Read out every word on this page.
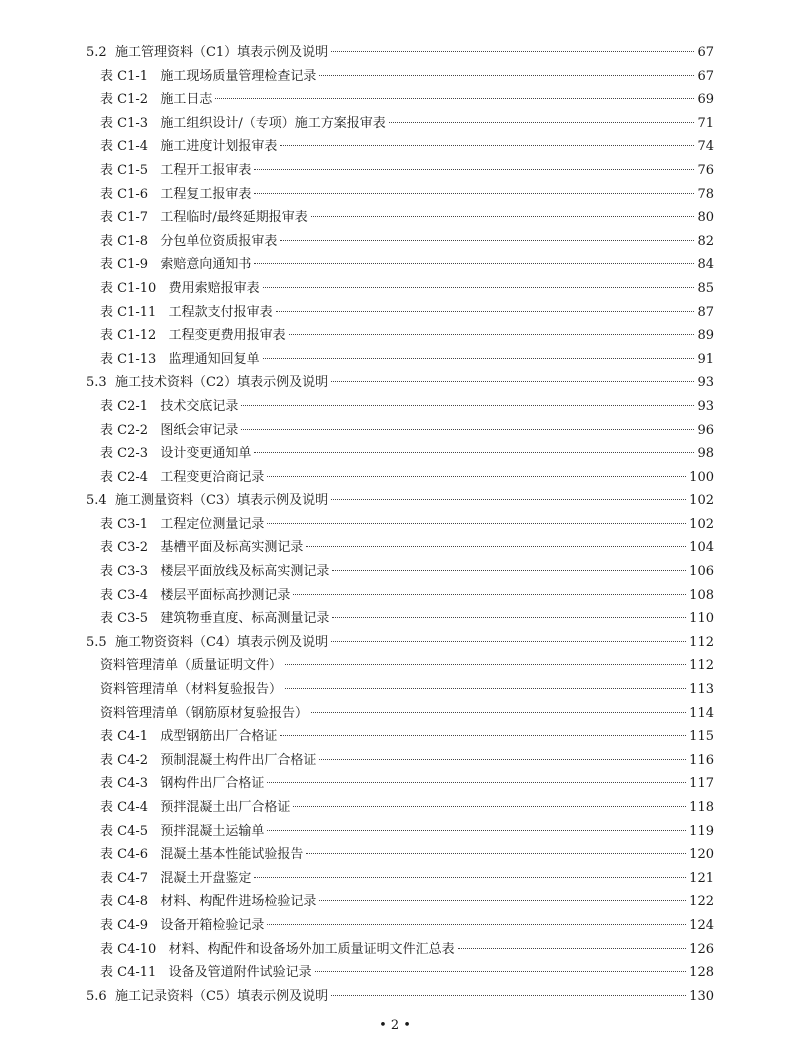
5.2  施工管理资料（C1）填表示例及说明	67
表 C1-1   施工现场质量管理检查记录	67
表 C1-2   施工日志	69
表 C1-3   施工组织设计/（专项）施工方案报审表	71
表 C1-4   施工进度计划报审表	74
表 C1-5   工程开工报审表	76
表 C1-6   工程复工报审表	78
表 C1-7   工程临时/最终延期报审表	80
表 C1-8   分包单位资质报审表	82
表 C1-9   索赔意向通知书	84
表 C1-10   费用索赔报审表	85
表 C1-11   工程款支付报审表	87
表 C1-12   工程变更费用报审表	89
表 C1-13   监理通知回复单	91
5.3  施工技术资料（C2）填表示例及说明	93
表 C2-1   技术交底记录	93
表 C2-2   图纸会审记录	96
表 C2-3   设计变更通知单	98
表 C2-4   工程变更洽商记录	100
5.4  施工测量资料（C3）填表示例及说明	102
表 C3-1   工程定位测量记录	102
表 C3-2   基槽平面及标高实测记录	104
表 C3-3   楼层平面放线及标高实测记录	106
表 C3-4   楼层平面标高抄测记录	108
表 C3-5   建筑物垂直度、标高测量记录	110
5.5  施工物资资料（C4）填表示例及说明	112
资料管理清单（质量证明文件）	112
资料管理清单（材料复验报告）	113
资料管理清单（钢筋原材复验报告）	114
表 C4-1   成型钢筋出厂合格证	115
表 C4-2   预制混凝土构件出厂合格证	116
表 C4-3   钢构件出厂合格证	117
表 C4-4   预拌混凝土出厂合格证	118
表 C4-5   预拌混凝土运输单	119
表 C4-6   混凝土基本性能试验报告	120
表 C4-7   混凝土开盘鉴定	121
表 C4-8   材料、构配件进场检验记录	122
表 C4-9   设备开箱检验记录	124
表 C4-10   材料、构配件和设备场外加工质量证明文件汇总表	126
表 C4-11   设备及管道附件试验记录	128
5.6  施工记录资料（C5）填表示例及说明	130
• 2 •
